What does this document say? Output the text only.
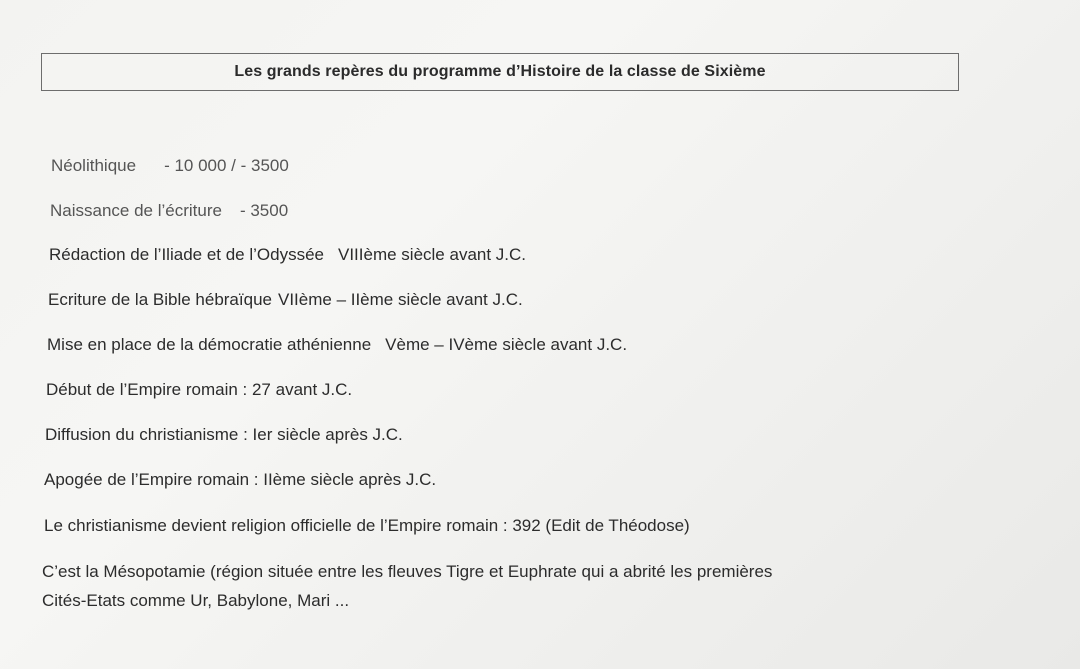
Les grands repères du programme d’Histoire de la classe de Sixième
Néolithique - 10 000 / - 3500
Naissance de l’écriture - 3500
Rédaction de l’Iliade et de l’Odyssée VIIIème siècle avant J.C.
Ecriture de la Bible hébraïque VIIème – IIème siècle avant J.C.
Mise en place de la démocratie athénienne Vème – IVème siècle avant J.C.
Début de l’Empire romain : 27 avant J.C.
Diffusion du christianisme : Ier siècle après J.C.
Apogée de l’Empire romain : IIème siècle après J.C.
Le christianisme devient religion officielle de l’Empire romain : 392 (Edit de Théodose)
C’est la Mésopotamie (région située entre les fleuves Tigre et Euphrate qui a abrité les premières
Cités-Etats comme Ur, Babylone, Mari ...
